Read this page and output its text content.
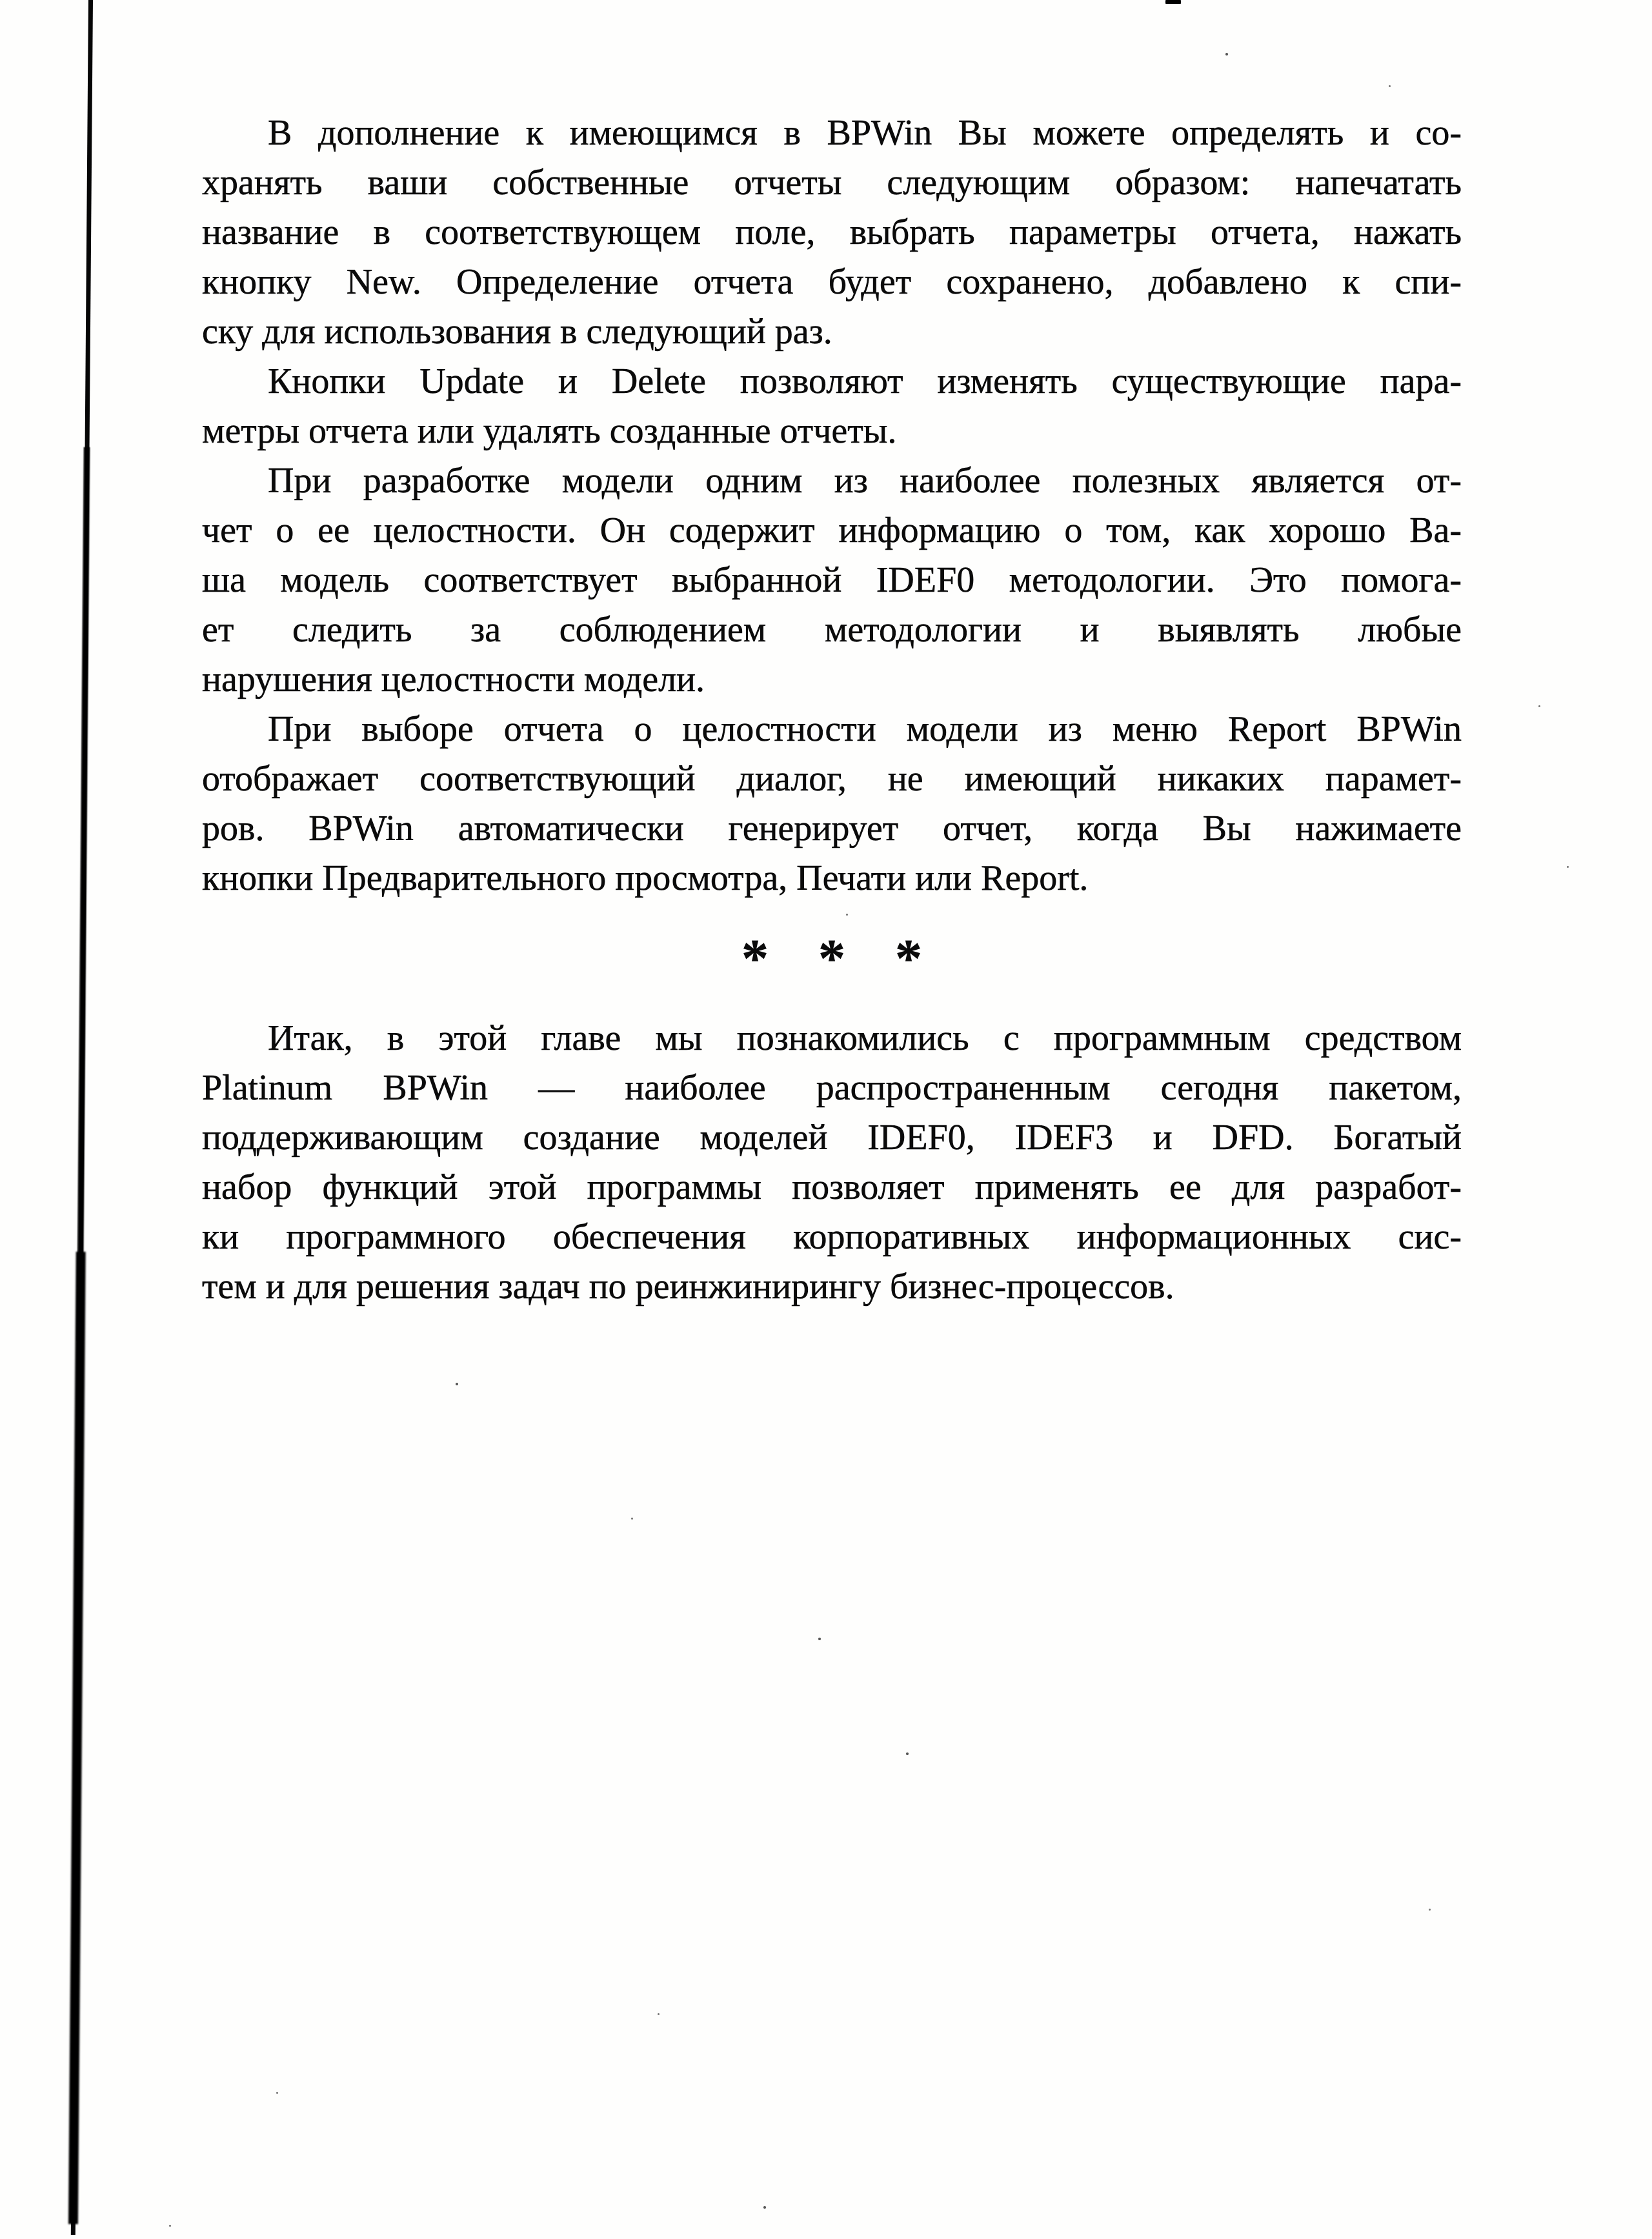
В дополнение к имеющимся в BPWin Вы можете определять и со-
хранять ваши собственные отчеты следующим образом: напечатать
название в соответствующем поле, выбрать параметры отчета, нажать
кнопку New. Определение отчета будет сохранено, добавлено к спи-
ску для использования в следующий раз.
Кнопки Update и Delete позволяют изменять существующие пара-
метры отчета или удалять созданные отчеты.
При разработке модели одним из наиболее полезных является от-
чет о ее целостности. Он содержит информацию о том, как хорошо Ва-
ша модель соответствует выбранной IDEF0 методологии. Это помога-
ет следить за соблюдением методологии и выявлять любые
нарушения целостности модели.
При выборе отчета о целостности модели из меню Report BPWin
отображает соответствующий диалог, не имеющий никаких парамет-
ров. BPWin автоматически генерирует отчет, когда Вы нажимаете
кнопки Предварительного просмотра, Печати или Report.
* * *
Итак, в этой главе мы познакомились с программным средством
Platinum BPWin — наиболее распространенным сегодня пакетом,
поддерживающим создание моделей IDEF0, IDEF3 и DFD. Богатый
набор функций этой программы позволяет применять ее для разработ-
ки программного обеспечения корпоративных информационных сис-
тем и для решения задач по реинжинирингу бизнес-процессов.
